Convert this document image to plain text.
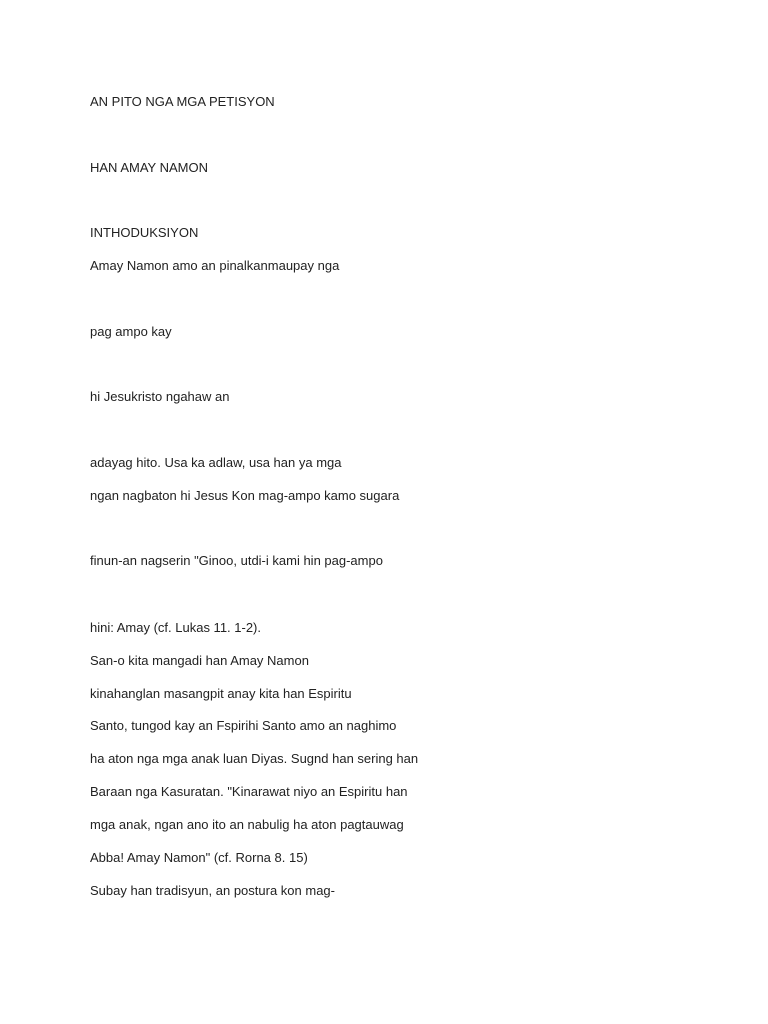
AN PITO NGA MGA PETISYON

HAN AMAY NAMON

INTHODUKSIYON

Amay Namon amo an pinalkanmaupay nga

pag ampo kay

hi Jesukristo ngahaw an

adayag hito. Usa ka adlaw, usa han ya mga

ngan nagbaton hi Jesus Kon mag-ampo kamo sugara

finun-an nagserin "Ginoo, utdi-i kami hin pag-ampo

hini: Amay (cf. Lukas 11. 1-2).

San-o kita mangadi han Amay Namon

kinahanglan masangpit anay kita han Espiritu

Santo, tungod kay an Fspirihi Santo amo an naghimo

ha aton nga mga anak luan Diyas. Sugnd han sering han

Baraan nga Kasuratan. "Kinarawat niyo an Espiritu han

mga anak, ngan ano ito an nabulig ha aton pagtauwag

Abba! Amay Namon" (cf. Rorna 8. 15)

Subay han tradisyun, an postura kon mag-
